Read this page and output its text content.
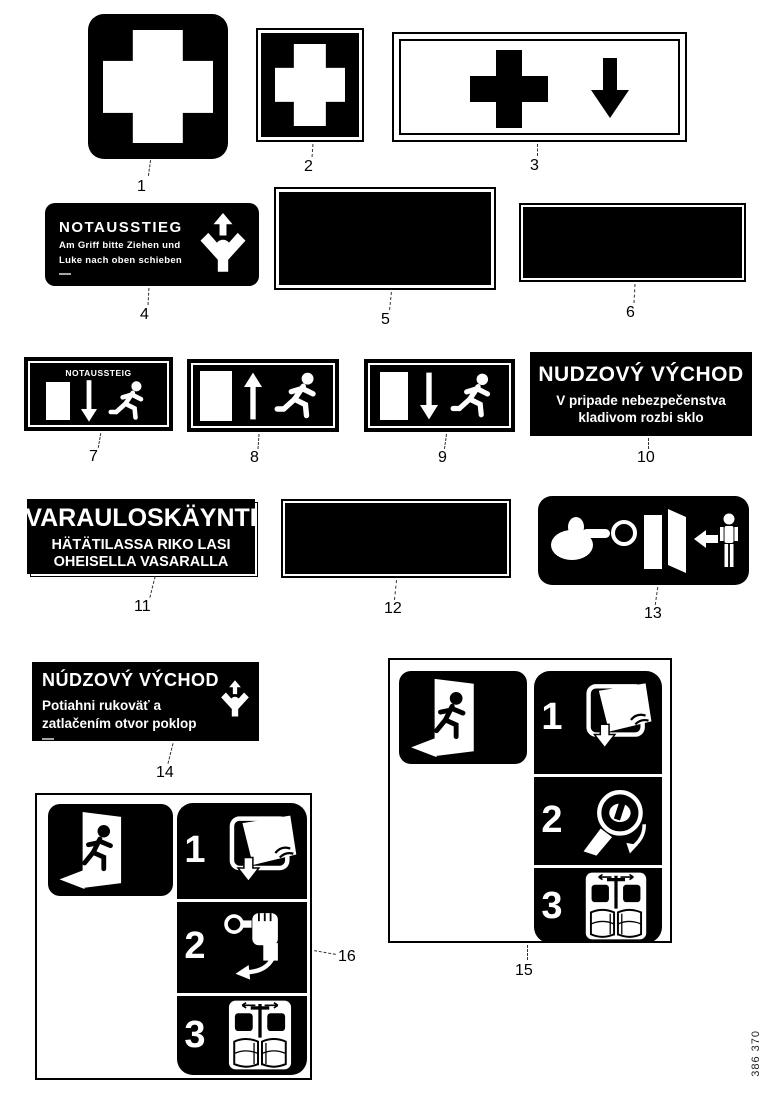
NOTAUSSTIEG
Am Griff bitte Ziehen und
Luke nach oben schieben
NOTAUSSTEIG
IM NOTFALL DEM NOTHAMMER
SCHEIBE EINSCHLAGEN
Nooduitgang
In nood breek het glas met de hamer
NOTAUSSTEIG	NUDZOVÝ VÝCHOD
V pripade nebezpečenstva
kladivom rozbi sklo
VARAULOSKÄYNTI
HÄTÄTILASSA RIKO LASI
OHEISELLA VASARALLA
HÄTÄKAHVA
VARAULOSKÄYNTI
VEDÄ KAHVASTA JA NOSTA
LUUKKU AUKI
NÚDZOVÝ VÝCHOD
Potiahni rukoväť a
zatlačením otvor poklop	1
2
3
1
2
3
1
2	3
4	5	6
7	8	9	10
11	12	13
14
15
16
386 370
